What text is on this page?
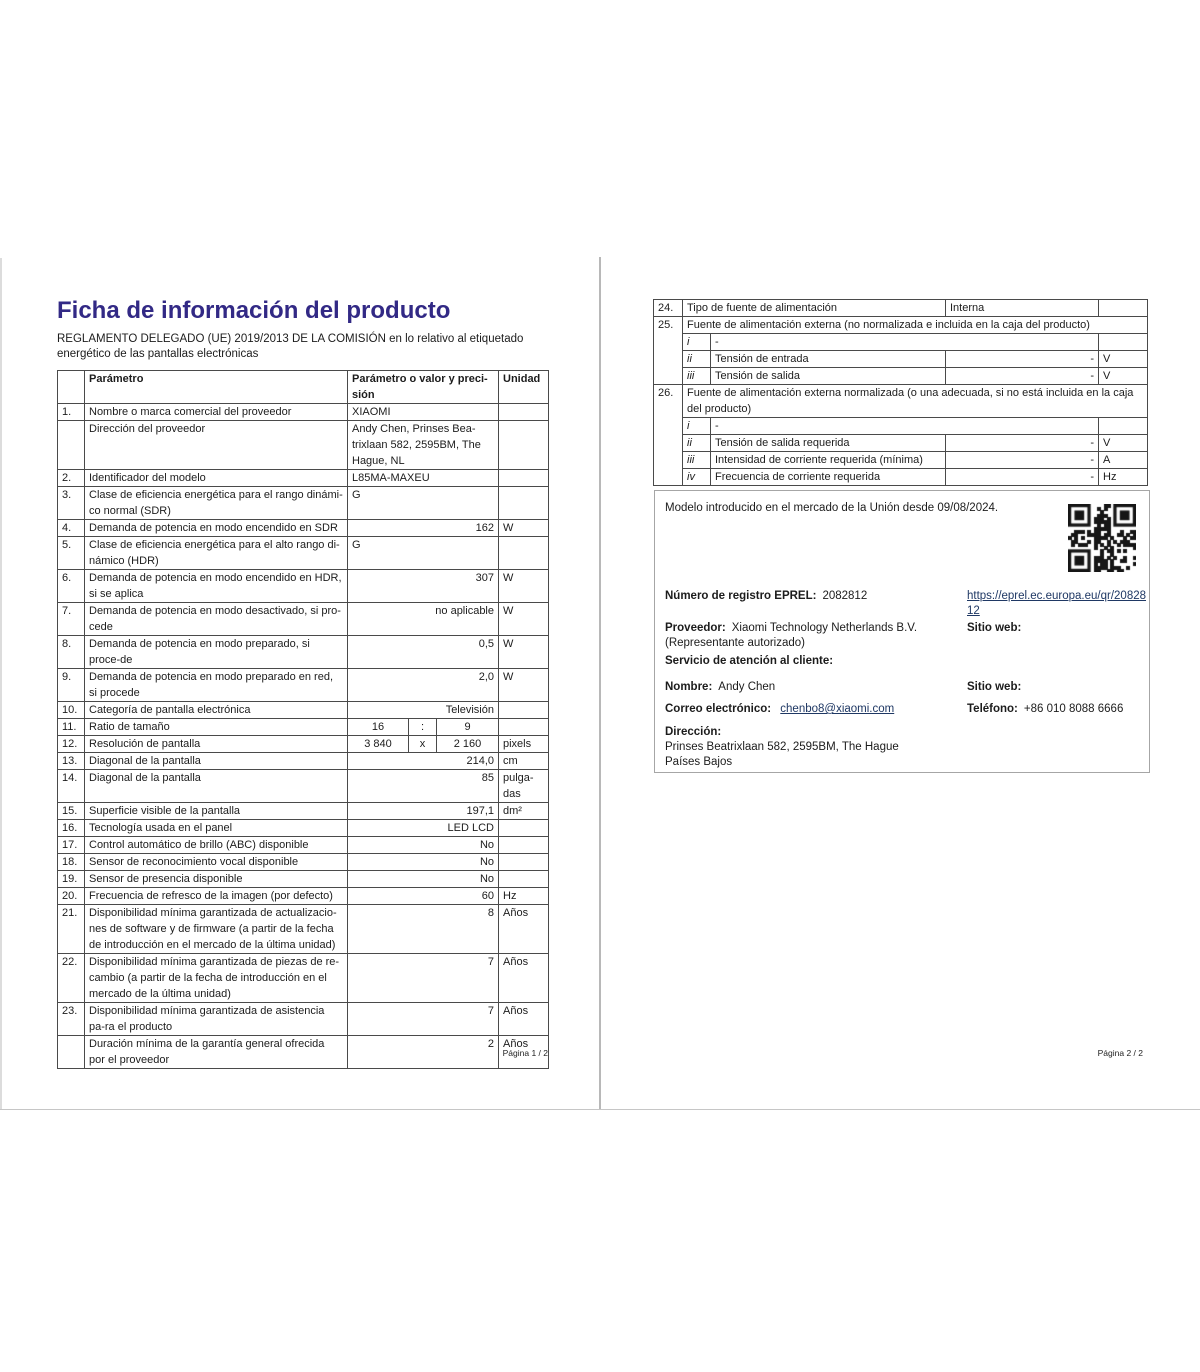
Ficha de información del producto

REGLAMENTO DELEGADO (UE) 2019/2013 DE LA COMISIÓN en lo relativo al etiquetado energético de las pantallas electrónicas

	Parámetro	Parámetro o valor y preci-sión	Unidad
1.	Nombre o marca comercial del proveedor	XIAOMI	
	Dirección del proveedor	Andy Chen, Prinses Bea-trixlaan 582, 2595BM, The Hague, NL	
2.	Identificador del modelo	L85MA-MAXEU	
3.	Clase de eficiencia energética para el rango dinámi-co normal (SDR)	G	
4.	Demanda de potencia en modo encendido en SDR	162	W
5.	Clase de eficiencia energética para el alto rango di-námico (HDR)	G	
6.	Demanda de potencia en modo encendido en HDR, si se aplica	307	W
7.	Demanda de potencia en modo desactivado, si pro-cede	no aplicable	W
8.	Demanda de potencia en modo preparado, si proce-de	0,5	W
9.	Demanda de potencia en modo preparado en red, si procede	2,0	W
10.	Categoría de pantalla electrónica	Televisión	
11.	Ratio de tamaño	16 : 9	

12.	Resolución de pantalla	3 840 x 2 160	pixels
13.	Diagonal de la pantalla	214,0	cm
14.	Diagonal de la pantalla	85	pulga-das
15.	Superficie visible de la pantalla	197,1	dm²
16.	Tecnología usada en el panel	LED LCD	
17.	Control automático de brillo (ABC) disponible	No	
18.	Sensor de reconocimiento vocal disponible	No	
19.	Sensor de presencia disponible	No	
20.	Frecuencia de refresco de la imagen (por defecto)	60	Hz
21.	Disponibilidad mínima garantizada de actualizacio-nes de software y de firmware (a partir de la fecha de introducción en el mercado de la última unidad)	8	Años
22.	Disponibilidad mínima garantizada de piezas de re-cambio (a partir de la fecha de introducción en el mercado de la última unidad)	7	Años
23.	Disponibilidad mínima garantizada de asistencia pa-ra el producto	7	Años
	Duración mínima de la garantía general ofrecida por el proveedor	2	Años
Página 1 / 2
24.	Tipo de fuente de alimentación		Interna	
25.	Fuente de alimentación externa (no normalizada e incluida en la caja del producto)			
	i	-		
	ii	Tensión de entrada	-	V
	iii	Tensión de salida	-	V
26.	Fuente de alimentación externa normalizada (o una adecuada, si no está incluida en la caja del producto)			
	i	-		
	ii	Tensión de salida requerida	-	V
	iii	Intensidad de corriente requerida (mínima)	-	A
	iv	Frecuencia de corriente requerida	-	Hz
Modelo introducido en el mercado de la Unión desde 09/08/2024.
Número de registro EPREL: 2082812	https://eprel.ec.europa.eu/qr/2082812
Proveedor: Xiaomi Technology Netherlands B.V. (Representante autorizado)
Sitio web:
Servicio de atención al cliente:
Nombre: Andy Chen	Sitio web:
Correo electrónico: chenbo8@xiaomi.com	Teléfono: +86 010 8088 6666
Dirección:
Prinses Beatrixlaan 582, 2595BM, The Hague
Países Bajos
Página 2 / 2
